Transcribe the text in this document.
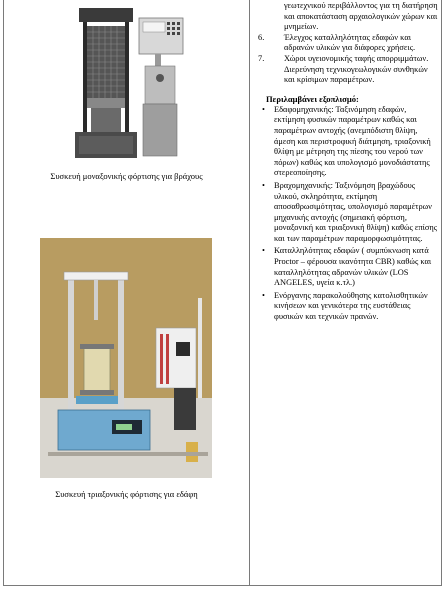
Συσκευή μοναξονικής φόρτισης για βράχους
Συσκευή τριαξονικής φόρτισης για εδάφη
γεωτεχνικού περιβάλλοντος για τη διατήρηση και αποκατάσταση αρχαιολογικών χώρων και μνημείων.
6.	Έλεγχος καταλληλότητας εδαφών και αδρανών υλικών για διάφορες χρήσεις.
7.	Χώροι υγειονομικής ταφής απορριμμάτων. Διερεύνηση τεχνικογεωλογικών συνθηκών και κρίσιμων παραμέτρων.
Περιλαμβάνει εξοπλισμό:
• Εδαφομηχανικής: Ταξινόμηση εδαφών, εκτίμηση φυσικών παραμέτρων καθώς και παραμέτρων αντοχής (ανεμπόδιστη θλίψη, άμεση και περιστροφική διάτμηση, τριαξονική θλίψη με μέτρηση της πίεσης του νερού των πόρων) καθώς και υπολογισμό μονοδιάστατης στερεοποίησης.
• Βραχομηχανικής: Ταξινόμηση βραχώδους υλικού, σκληρότητα, εκτίμηση αποσαθρωσιμότητας, υπολογισμό παραμέτρων μηχανικής αντοχής (σημειακή φόρτιση, μοναξονική και τριαξονική θλίψη) καθώς επίσης και των παραμέτρων παραμορφωσιμότητας.
• Καταλληλότητας εδαφών ( συμπύκνωση κατά Proctor – φέρουσα ικανότητα CBR) καθώς και καταλληλότητας αδρανών υλικών (LOS ANGELES, υγεία κ.τλ.)
• Ενόργανης παρακολούθησης κατολισθητικών κινήσεων και γενικότερα της ευστάθειας φυσικών και τεχνικών πρανών.
